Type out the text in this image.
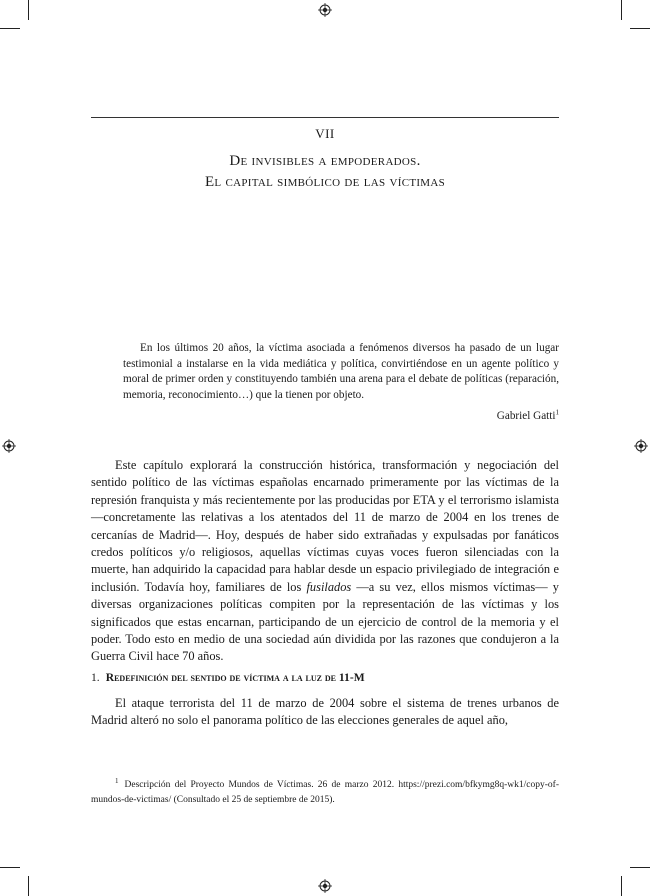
VII
De invisibles a empoderados.
El capital simbólico de las víctimas

En los últimos 20 años, la víctima asociada a fenómenos diversos ha pasado de un lugar testimonial a instalarse en la vida mediática y política, convirtiéndose en un agente político y moral de primer orden y constituyendo también una arena para el debate de políticas (reparación, memoria, reconocimiento…) que la tienen por objeto.

Gabriel Gatti$^1$

Este capítulo explorará la construcción histórica, transformación y negociación del sentido político de las víctimas españolas encarnado primeramente por las víctimas de la represión franquista y más recientemente por las producidas por ETA y el terrorismo islamista —concretamente las relativas a los atentados del 11 de marzo de 2004 en los trenes de cercanías de Madrid—. Hoy, después de haber sido extrañadas y expulsadas por fanáticos credos políticos y/o religiosos, aquellas víctimas cuyas voces fueron silenciadas con la muerte, han adquirido la capacidad para hablar desde un espacio privilegiado de integración e inclusión. Todavía hoy, familiares de los fusilados —a su vez, ellos mismos víctimas— y diversas organizaciones políticas compiten por la representación de las víctimas y los significados que estas encarnan, participando de un ejercicio de control de la memoria y el poder. Todo esto en medio de una sociedad aún dividida por las razones que condujeron a la Guerra Civil hace 70 años.

1. Redefinición del sentido de víctima a la luz de 11-M

El ataque terrorista del 11 de marzo de 2004 sobre el sistema de trenes urbanos de Madrid alteró no solo el panorama político de las elecciones generales de aquel año,

$^1$ Descripción del Proyecto Mundos de Víctimas. 26 de marzo 2012. https://prezi.com/bfkymg8q-wk1/copy-of-mundos-de-victimas/ (Consultado el 25 de septiembre de 2015).
